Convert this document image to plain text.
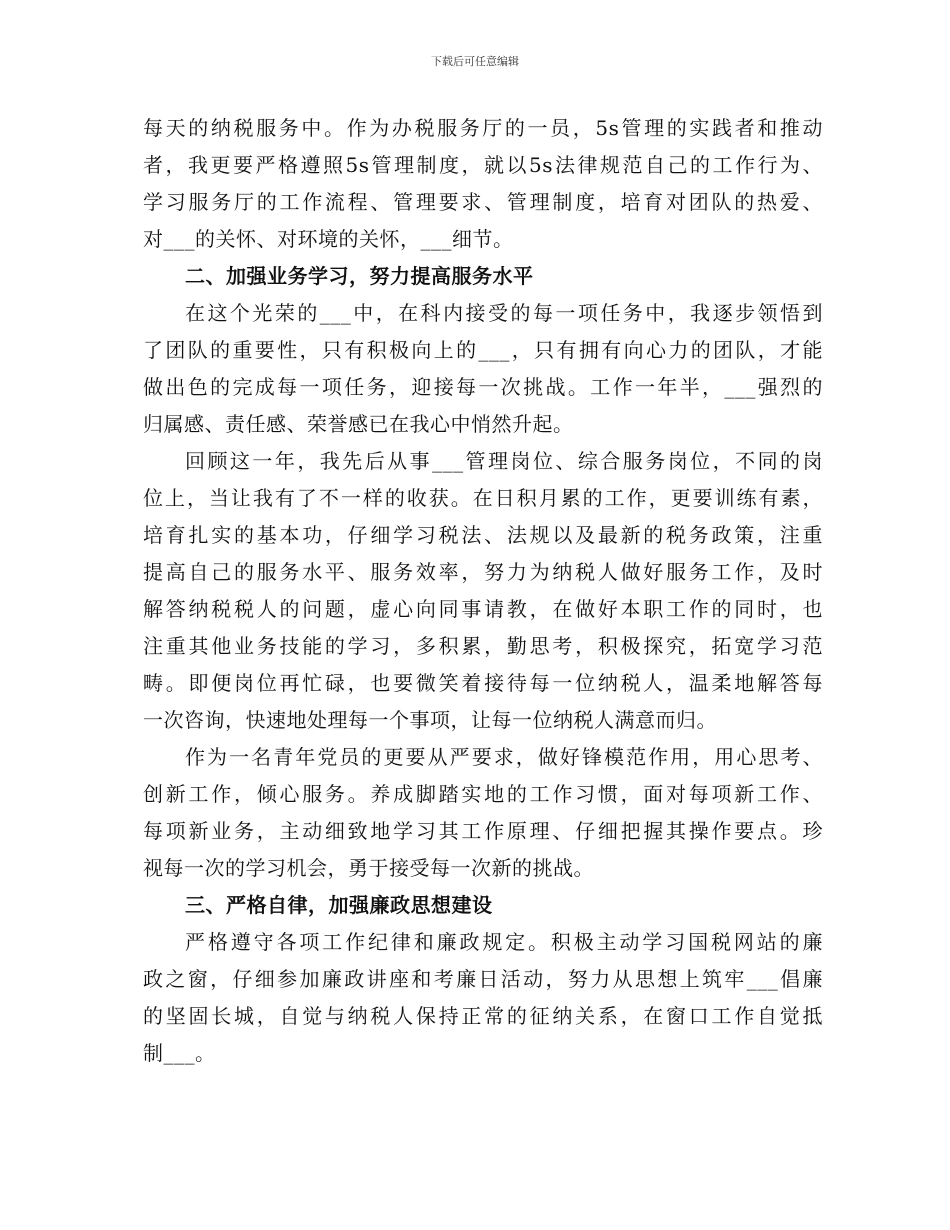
下载后可任意编辑
每天的纳税服务中。作为办税服务厅的一员，5s管理的实践者和推动
者，我更要严格遵照5s管理制度，就以5s法律规范自己的工作行为、
学习服务厅的工作流程、管理要求、管理制度，培育对团队的热爱、
对___的关怀、对环境的关怀，___细节。
二、加强业务学习，努力提高服务水平
在这个光荣的___中，在科内接受的每一项任务中，我逐步领悟到
了团队的重要性，只有积极向上的___，只有拥有向心力的团队，才能
做出色的完成每一项任务，迎接每一次挑战。工作一年半，___强烈的
归属感、责任感、荣誉感已在我心中悄然升起。
回顾这一年，我先后从事___管理岗位、综合服务岗位，不同的岗
位上，当让我有了不一样的收获。在日积月累的工作，更要训练有素，
培育扎实的基本功，仔细学习税法、法规以及最新的税务政策，注重
提高自己的服务水平、服务效率，努力为纳税人做好服务工作，及时
解答纳税税人的问题，虚心向同事请教，在做好本职工作的同时，也
注重其他业务技能的学习，多积累，勤思考，积极探究，拓宽学习范
畴。即便岗位再忙碌，也要微笑着接待每一位纳税人，温柔地解答每
一次咨询，快速地处理每一个事项，让每一位纳税人满意而归。
作为一名青年党员的更要从严要求，做好锋模范作用，用心思考、
创新工作，倾心服务。养成脚踏实地的工作习惯，面对每项新工作、
每项新业务，主动细致地学习其工作原理、仔细把握其操作要点。珍
视每一次的学习机会，勇于接受每一次新的挑战。
三、严格自律，加强廉政思想建设
严格遵守各项工作纪律和廉政规定。积极主动学习国税网站的廉
政之窗，仔细参加廉政讲座和考廉日活动，努力从思想上筑牢___倡廉
的坚固长城，自觉与纳税人保持正常的征纳关系，在窗口工作自觉抵
制___。
